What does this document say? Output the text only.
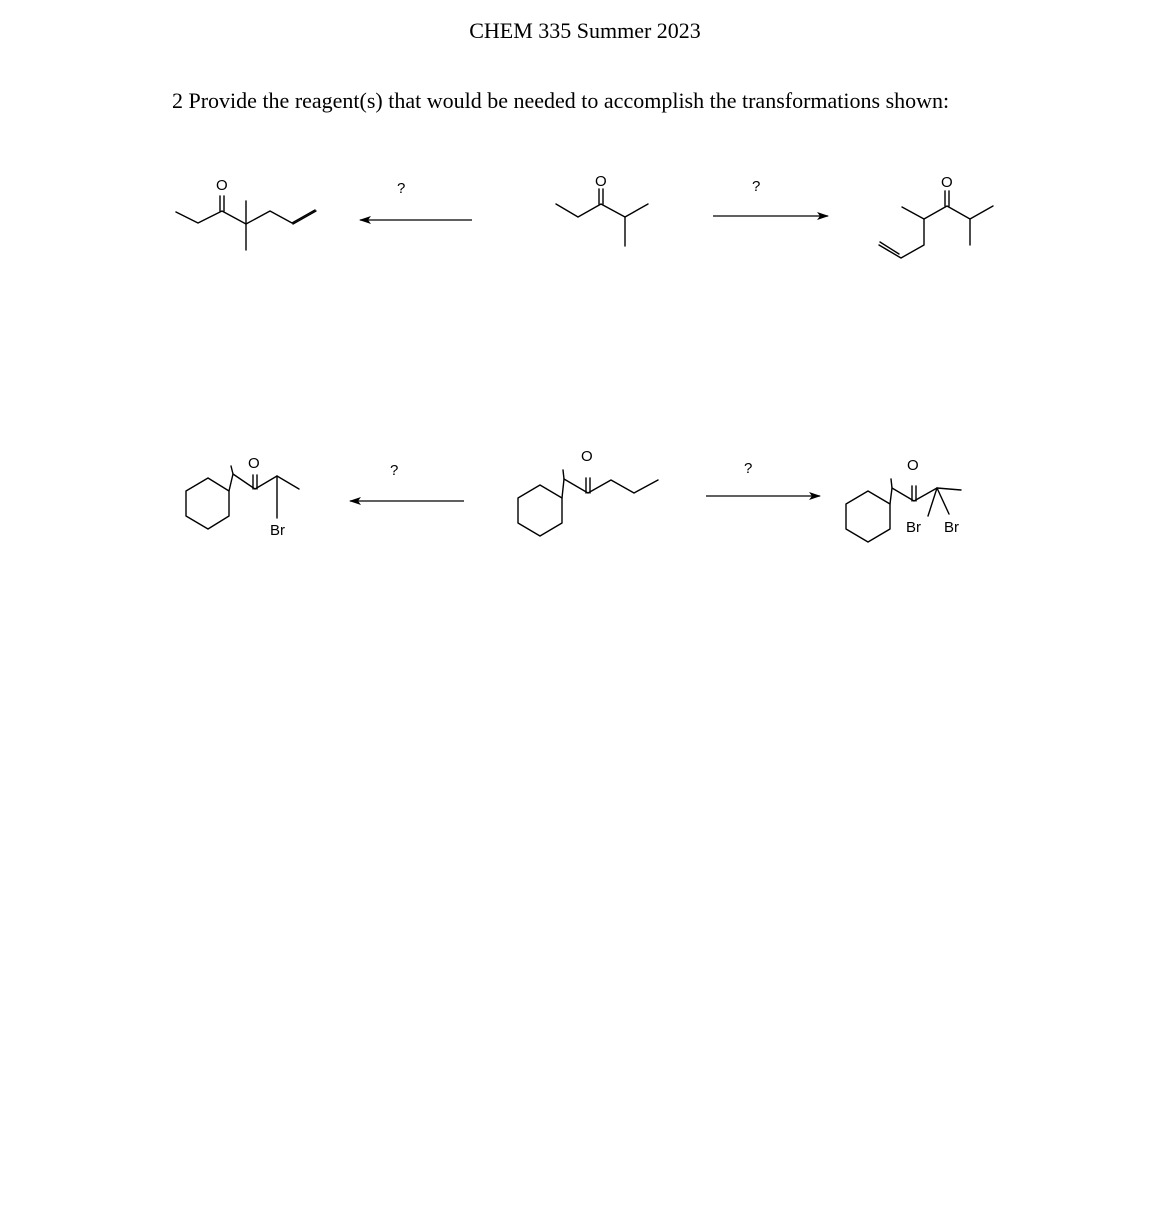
CHEM 335 Summer 2023
2 Provide the reagent(s) that would be needed to accomplish the transformations shown:
O	?	O	?	O
O
Br
?
O
?	O
Br Br
